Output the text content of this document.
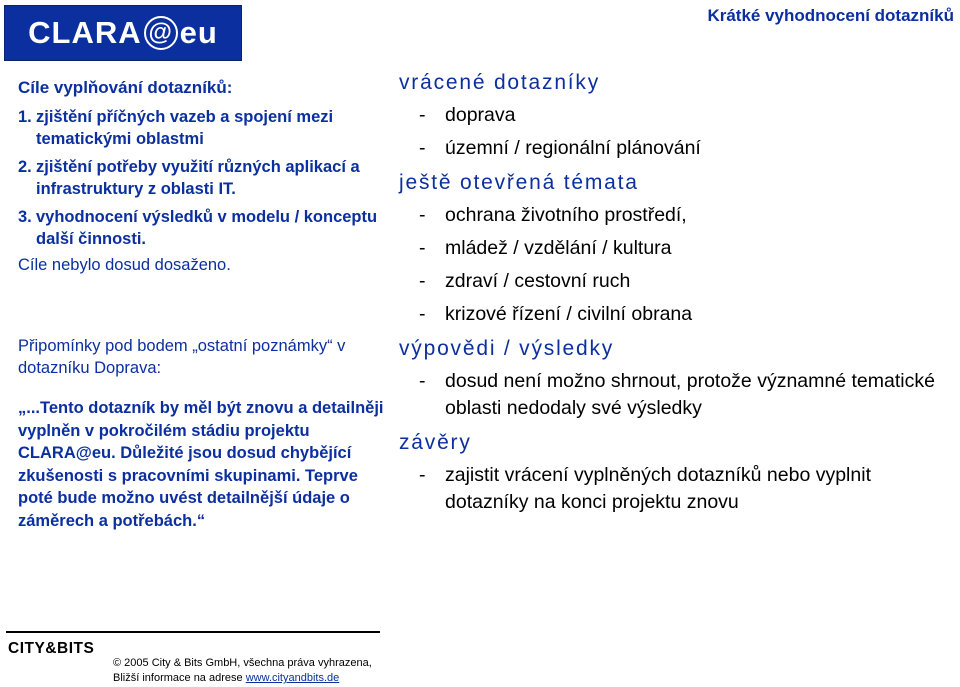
CLARA @ eu	Krátké vyhodnocení dotazníků
Cíle vyplňování dotazníků:
1. zjištění příčných vazeb a spojení mezi tematickými oblastmi
2. zjištění potřeby využití různých aplikací a infrastruktury z oblasti IT.
3. vyhodnocení výsledků v modelu / konceptu další činnosti.
Cíle nebylo dosud dosaženo.
Připomínky pod bodem „ostatní poznámky“ v dotazníku Doprava:
„...Tento dotazník by měl být znovu a detailněji vyplněn v pokročilém stádiu projektu CLARA@eu. Důležité jsou dosud chybějící zkušenosti s pracovními skupinami. Teprve poté bude možno uvést detailnější údaje o záměrech a potřebách.“
vrácené dotazníky
-	doprava
-	územní / regionální plánování
ještě otevřená témata
-	ochrana životního prostředí,
-	mládež / vzdělání / kultura
-	zdraví / cestovní ruch
-	krizové řízení / civilní obrana
výpovědi / výsledky
-	dosud není možno shrnout, protože významné tematické oblasti nedodaly své výsledky
závěry
-	zajistit vrácení vyplněných dotazníků nebo vyplnit dotazníky na konci projektu znovu
CITY&BITS
© 2005 City & Bits GmbH, všechna práva vyhrazena,
Bližší informace na adrese www.cityandbits.de
